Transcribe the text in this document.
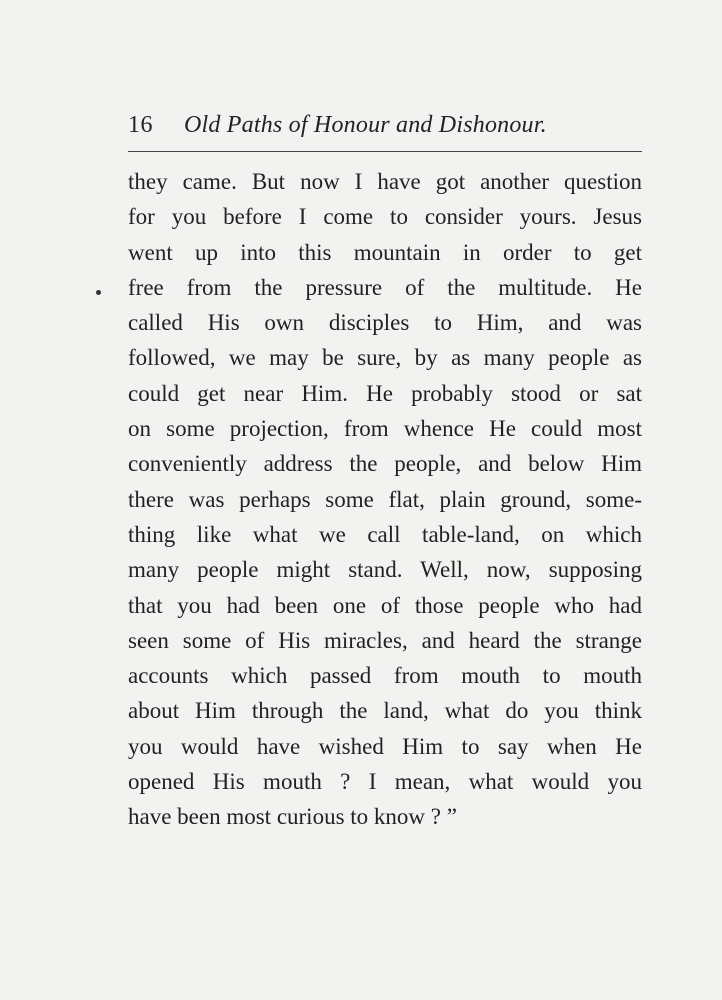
16	Old Paths of Honour and Dishonour.
they came. But now I have got another question
for you before I come to consider yours. Jesus
went up into this mountain in order to get
free from the pressure of the multitude. He
called His own disciples to Him, and was
followed, we may be sure, by as many people as
could get near Him. He probably stood or sat
on some projection, from whence He could most
conveniently address the people, and below Him
there was perhaps some flat, plain ground, some-
thing like what we call table-land, on which
many people might stand. Well, now, supposing
that you had been one of those people who had
seen some of His miracles, and heard the strange
accounts which passed from mouth to mouth
about Him through the land, what do you think
you would have wished Him to say when He
opened His mouth ? I mean, what would you
have been most curious to know ? ”
